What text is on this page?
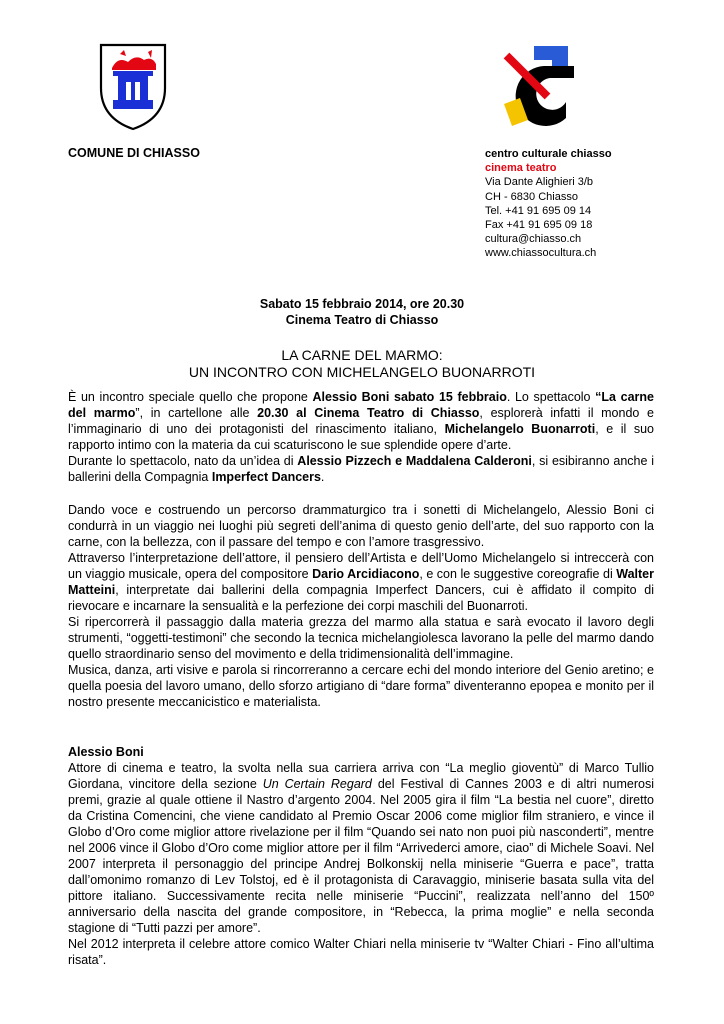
COMUNE DI CHIASSO	centro culturale chiasso
cinema teatro
Via Dante Alighieri 3/b
CH - 6830 Chiasso
Tel. +41 91 695 09 14
Fax +41 91 695 09 18
cultura@chiasso.ch
www.chiassocultura.ch
Sabato 15 febbraio 2014, ore 20.30
Cinema Teatro di Chiasso
LA CARNE DEL MARMO:
UN INCONTRO CON MICHELANGELO BUONARROTI

È un incontro speciale quello che propone Alessio Boni sabato 15 febbraio. Lo spettacolo “La carne del marmo”, in cartellone alle 20.30 al Cinema Teatro di Chiasso, esplorerà infatti il mondo e l’immaginario di uno dei protagonisti del rinascimento italiano, Michelangelo Buonarroti, e il suo rapporto intimo con la materia da cui scaturiscono le sue splendide opere d’arte.

Durante lo spettacolo, nato da un’idea di Alessio Pizzech e Maddalena Calderoni, si esibiranno anche i ballerini della Compagnia Imperfect Dancers.

Dando voce e costruendo un percorso drammaturgico tra i sonetti di Michelangelo, Alessio Boni ci condurrà in un viaggio nei luoghi più segreti dell’anima di questo genio dell’arte, del suo rapporto con la carne, con la bellezza, con il passare del tempo e con l’amore trasgressivo.

Attraverso l’interpretazione dell’attore, il pensiero dell’Artista e dell’Uomo Michelangelo si intreccerà con un viaggio musicale, opera del compositore Dario Arcidiacono, e con le suggestive coreografie di Walter Matteini, interpretate dai ballerini della compagnia Imperfect Dancers, cui è affidato il compito di rievocare e incarnare la sensualità e la perfezione dei corpi maschili del Buonarroti.

Si ripercorrerà il passaggio dalla materia grezza del marmo alla statua e sarà evocato il lavoro degli strumenti, “oggetti-testimoni” che secondo la tecnica michelangiolesca lavorano la pelle del marmo dando quello straordinario senso del movimento e della tridimensionalità dell’immagine.

Musica, danza, arti visive e parola si rincorreranno a cercare echi del mondo interiore del Genio aretino; e quella poesia del lavoro umano, dello sforzo artigiano di “dare forma” diventeranno epopea e monito per il nostro presente meccanicistico e materialista.

Alessio Boni

Attore di cinema e teatro, la svolta nella sua carriera arriva con “La meglio gioventù” di Marco Tullio Giordana, vincitore della sezione Un Certain Regard del Festival di Cannes 2003 e di altri numerosi premi, grazie al quale ottiene il Nastro d’argento 2004. Nel 2005 gira il film “La bestia nel cuore”, diretto da Cristina Comencini, che viene candidato al Premio Oscar 2006 come miglior film straniero, e vince il Globo d’Oro come miglior attore rivelazione per il film “Quando sei nato non puoi più nasconderti”, mentre nel 2006 vince il Globo d’Oro come miglior attore per il film “Arrivederci amore, ciao” di Michele Soavi. Nel 2007 interpreta il personaggio del principe Andrej Bolkonskij nella miniserie “Guerra e pace”, tratta dall’omonimo romanzo di Lev Tolstoj, ed è il protagonista di Caravaggio, miniserie basata sulla vita del pittore italiano. Successivamente recita nelle miniserie “Puccini”, realizzata nell’anno del 150º anniversario della nascita del grande compositore, in “Rebecca, la prima moglie” e nella seconda stagione di “Tutti pazzi per amore”.

Nel 2012 interpreta il celebre attore comico Walter Chiari nella miniserie tv “Walter Chiari - Fino all’ultima risata”.
